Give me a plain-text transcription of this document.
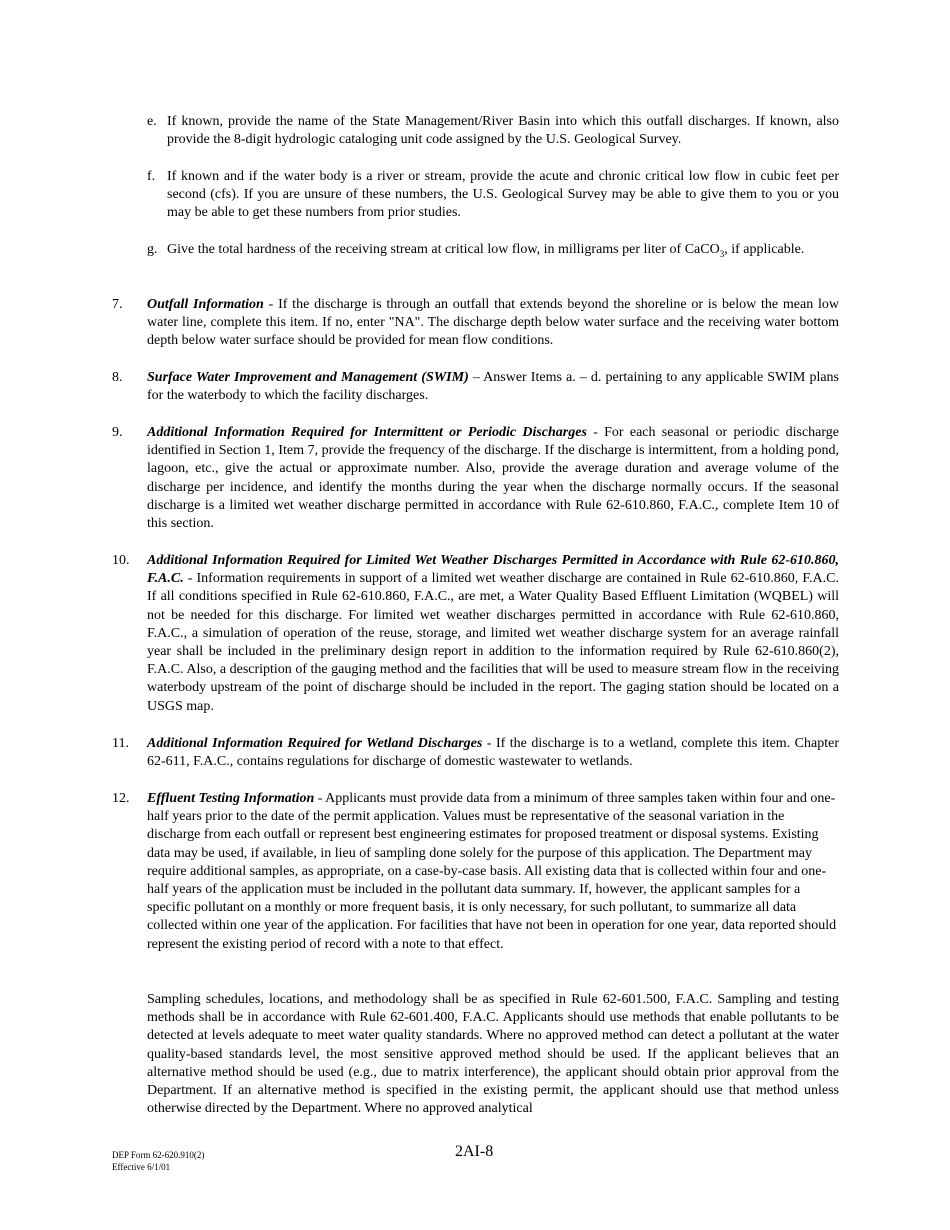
e. If known, provide the name of the State Management/River Basin into which this outfall discharges. If known, also provide the 8-digit hydrologic cataloging unit code assigned by the U.S. Geological Survey.
f. If known and if the water body is a river or stream, provide the acute and chronic critical low flow in cubic feet per second (cfs). If you are unsure of these numbers, the U.S. Geological Survey may be able to give them to you or you may be able to get these numbers from prior studies.
g. Give the total hardness of the receiving stream at critical low flow, in milligrams per liter of CaCO$_3$, if applicable.
7. Outfall Information - If the discharge is through an outfall that extends beyond the shoreline or is below the mean low water line, complete this item. If no, enter "NA". The discharge depth below water surface and the receiving water bottom depth below water surface should be provided for mean flow conditions.
8. Surface Water Improvement and Management (SWIM) – Answer Items a. – d. pertaining to any applicable SWIM plans for the waterbody to which the facility discharges.
9. Additional Information Required for Intermittent or Periodic Discharges - For each seasonal or periodic discharge identified in Section 1, Item 7, provide the frequency of the discharge. If the discharge is intermittent, from a holding pond, lagoon, etc., give the actual or approximate number. Also, provide the average duration and average volume of the discharge per incidence, and identify the months during the year when the discharge normally occurs. If the seasonal discharge is a limited wet weather discharge permitted in accordance with Rule 62-610.860, F.A.C., complete Item 10 of this section.
10. Additional Information Required for Limited Wet Weather Discharges Permitted in Accordance with Rule 62-610.860, F.A.C. - Information requirements in support of a limited wet weather discharge are contained in Rule 62-610.860, F.A.C. If all conditions specified in Rule 62-610.860, F.A.C., are met, a Water Quality Based Effluent Limitation (WQBEL) will not be needed for this discharge. For limited wet weather discharges permitted in accordance with Rule 62-610.860, F.A.C., a simulation of operation of the reuse, storage, and limited wet weather discharge system for an average rainfall year shall be included in the preliminary design report in addition to the information required by Rule 62-610.860(2), F.A.C. Also, a description of the gauging method and the facilities that will be used to measure stream flow in the receiving waterbody upstream of the point of discharge should be included in the report. The gaging station should be located on a USGS map.
11. Additional Information Required for Wetland Discharges - If the discharge is to a wetland, complete this item. Chapter 62-611, F.A.C., contains regulations for discharge of domestic wastewater to wetlands.
12. Effluent Testing Information - Applicants must provide data from a minimum of three samples taken within four and one-half years prior to the date of the permit application. Values must be representative of the seasonal variation in the discharge from each outfall or represent best engineering estimates for proposed treatment or disposal systems. Existing data may be used, if available, in lieu of sampling done solely for the purpose of this application. The Department may require additional samples, as appropriate, on a case-by-case basis. All existing data that is collected within four and one-half years of the application must be included in the pollutant data summary. If, however, the applicant samples for a specific pollutant on a monthly or more frequent basis, it is only necessary, for such pollutant, to summarize all data collected within one year of the application. For facilities that have not been in operation for one year, data reported should represent the existing period of record with a note to that effect.
Sampling schedules, locations, and methodology shall be as specified in Rule 62-601.500, F.A.C. Sampling and testing methods shall be in accordance with Rule 62-601.400, F.A.C. Applicants should use methods that enable pollutants to be detected at levels adequate to meet water quality standards. Where no approved method can detect a pollutant at the water quality-based standards level, the most sensitive approved method should be used. If the applicant believes that an alternative method should be used (e.g., due to matrix interference), the applicant should obtain prior approval from the Department. If an alternative method is specified in the existing permit, the applicant should use that method unless otherwise directed by the Department. Where no approved analytical
DEP Form 62-620.910(2)
Effective 6/1/01
2AI-8
